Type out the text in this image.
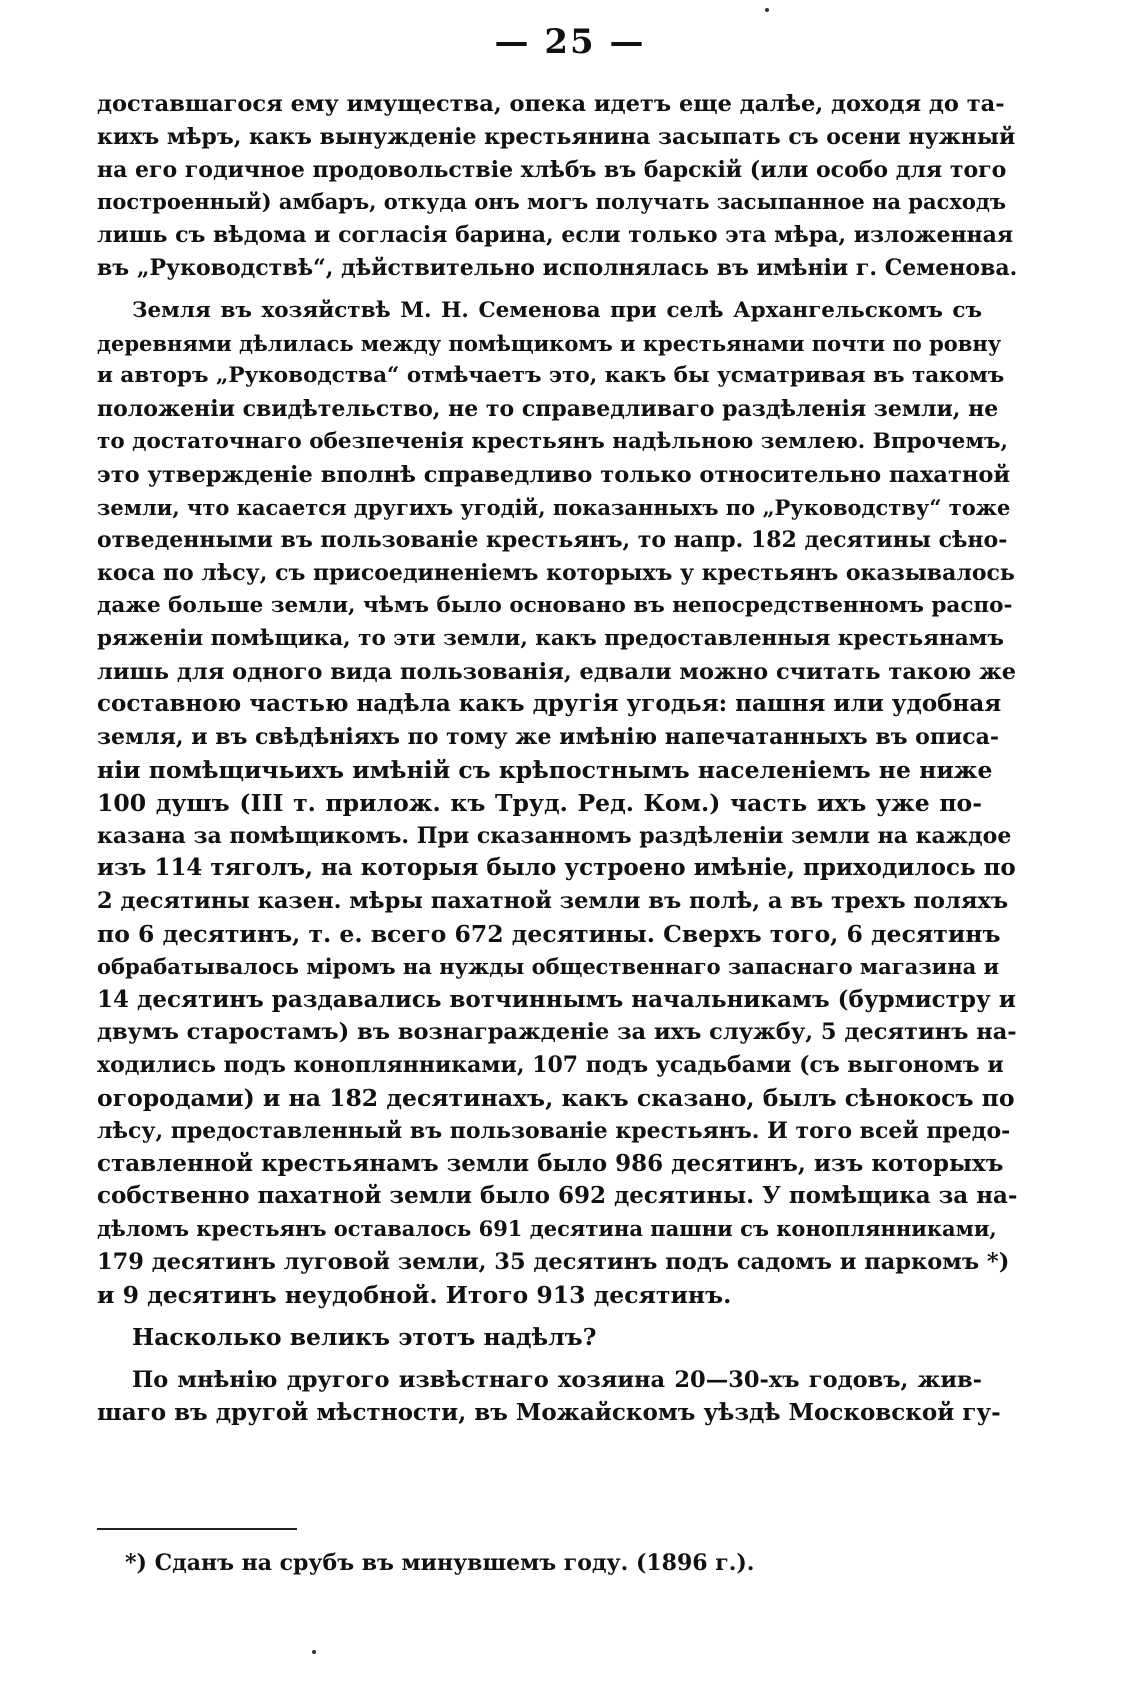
— 25 —
доставшагося ему имущества, опека идетъ еще далѣе, доходя до та-
кихъ мѣръ, какъ вынужденіе крестьянина засыпать съ осени нужный
на его годичное продовольствіе хлѣбъ въ барскій (или особо для того
построенный) амбаръ, откуда онъ могъ получать засыпанное на расходъ
лишь съ вѣдома и согласія барина, если только эта мѣра, изложенная
въ „Руководствѣ“, дѣйствительно исполнялась въ имѣніи г. Семенова.
Земля въ хозяйствѣ М. Н. Семенова при селѣ Архангельскомъ съ
деревнями дѣлилась между помѣщикомъ и крестьянами почти по ровну
и авторъ „Руководства“ отмѣчаетъ это, какъ бы усматривая въ такомъ
положеніи свидѣтельство, не то справедливаго раздѣленія земли, не
то достаточнаго обезпеченія крестьянъ надѣльною землею. Впрочемъ,
это утвержденіе вполнѣ справедливо только относительно пахатной
земли, что касается другихъ угодій, показанныхъ по „Руководству“ тоже
отведенными въ пользованіе крестьянъ, то напр. 182 десятины сѣно-
коса по лѣсу, съ присоединеніемъ которыхъ у крестьянъ оказывалось
даже больше земли, чѣмъ было основано въ непосредственномъ распо-
ряженіи помѣщика, то эти земли, какъ предоставленныя крестьянамъ
лишь для одного вида пользованія, едвали можно считать такою же
составною частью надѣла какъ другія угодья: пашня или удобная
земля, и въ свѣдѣніяхъ по тому же имѣнію напечатанныхъ въ описа-
ніи помѣщичьихъ имѣній съ крѣпостнымъ населеніемъ не ниже
100 душъ (III т. прилож. къ Труд. Ред. Ком.) часть ихъ уже по-
казана за помѣщикомъ. При сказанномъ раздѣленіи земли на каждое
изъ 114 тяголъ, на которыя было устроено имѣніе, приходилось по
2 десятины казен. мѣры пахатной земли въ полѣ, а въ трехъ поляхъ
по 6 десятинъ, т. е. всего 672 десятины. Сверхъ того, 6 десятинъ
обрабатывалось міромъ на нужды общественнаго запаснаго магазина и
14 десятинъ раздавались вотчиннымъ начальникамъ (бурмистру и
двумъ старостамъ) въ вознагражденіе за ихъ службу, 5 десятинъ на-
ходились подъ коноплянниками, 107 подъ усадьбами (съ выгономъ и
огородами) и на 182 десятинахъ, какъ сказано, былъ сѣнокосъ по
лѣсу, предоставленный въ пользованіе крестьянъ. И того всей предо-
ставленной крестьянамъ земли было 986 десятинъ, изъ которыхъ
собственно пахатной земли было 692 десятины. У помѣщика за на-
дѣломъ крестьянъ оставалось 691 десятина пашни съ коноплянниками,
179 десятинъ луговой земли, 35 десятинъ подъ садомъ и паркомъ *)
и 9 десятинъ неудобной. Итого 913 десятинъ.
Насколько великъ этотъ надѣлъ?
По мнѣнію другого извѣстнаго хозяина 20—30-хъ годовъ, жив-
шаго въ другой мѣстности, въ Можайскомъ уѣздѣ Московской гу-
*) Сданъ на срубъ въ минувшемъ году. (1896 г.).
